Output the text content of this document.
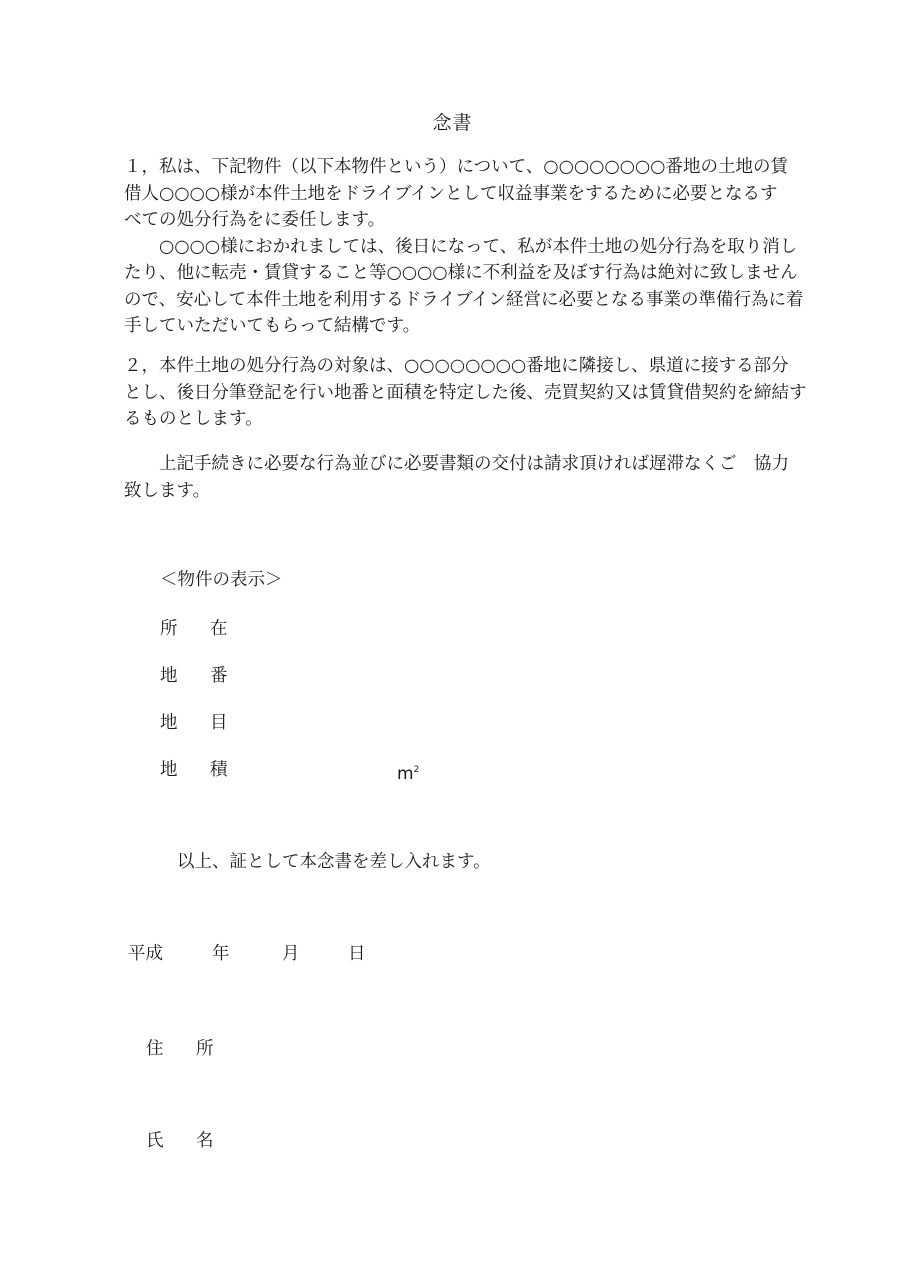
念書
１，私は、下記物件（以下本物件という）について、○○○○○○○○番地の土地の賃
借人○○○○様が本件土地をドライブインとして収益事業をするために必要となるす
べての処分行為をに委任します。
　　○○○○様におかれましては、後日になって、私が本件土地の処分行為を取り消し
たり、他に転売・賃貸すること等○○○○様に不利益を及ぼす行為は絶対に致しません
ので、安心して本件土地を利用するドライブイン経営に必要となる事業の準備行為に着
手していただいてもらって結構です。
２，本件土地の処分行為の対象は、○○○○○○○○番地に隣接し、県道に接する部分
とし、後日分筆登記を行い地番と面積を特定した後、売買契約又は賃貸借契約を締結す
るものとします。
　　上記手続きに必要な行為並びに必要書類の交付は請求頂ければ遅滞なくご　協力
致します。
＜物件の表示＞
所 在
地 番
地 目
地 積	$m^2$
以上、証として本念書を差し入れます。
平成	年	月	日
住 所
氏 名
